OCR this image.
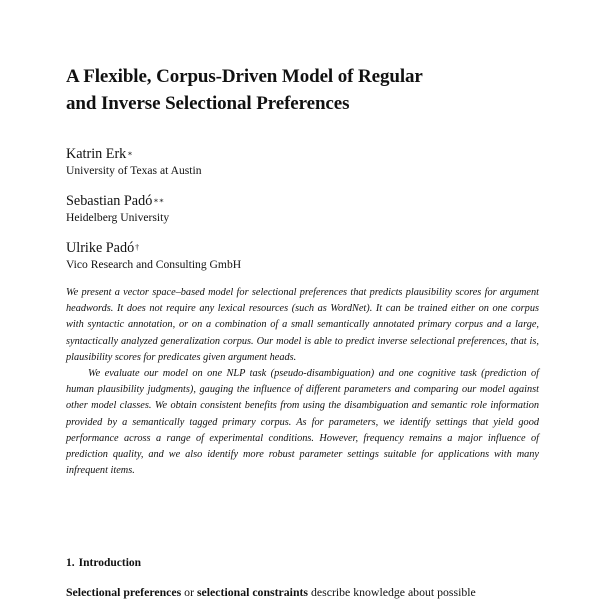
A Flexible, Corpus-Driven Model of Regular
and Inverse Selectional Preferences
Katrin Erk∗
University of Texas at Austin
Sebastian Padó∗∗
Heidelberg University
Ulrike Padó†
Vico Research and Consulting GmbH

We present a vector space–based model for selectional preferences that predicts plausibility scores for argument headwords. It does not require any lexical resources (such as WordNet). It can be trained either on one corpus with syntactic annotation, or on a combination of a small semantically annotated primary corpus and a large, syntactically analyzed generalization corpus. Our model is able to predict inverse selectional preferences, that is, plausibility scores for predicates given argument heads.

We evaluate our model on one NLP task (pseudo-disambiguation) and one cognitive task (prediction of human plausibility judgments), gauging the influence of different parameters and comparing our model against other model classes. We obtain consistent benefits from using the disambiguation and semantic role information provided by a semantically tagged primary corpus. As for parameters, we identify settings that yield good performance across a range of experimental conditions. However, frequency remains a major influence of prediction quality, and we also identify more robust parameter settings suitable for applications with many infrequent items.

1. Introduction
Selectional preferences or selectional constraints describe knowledge about possible
